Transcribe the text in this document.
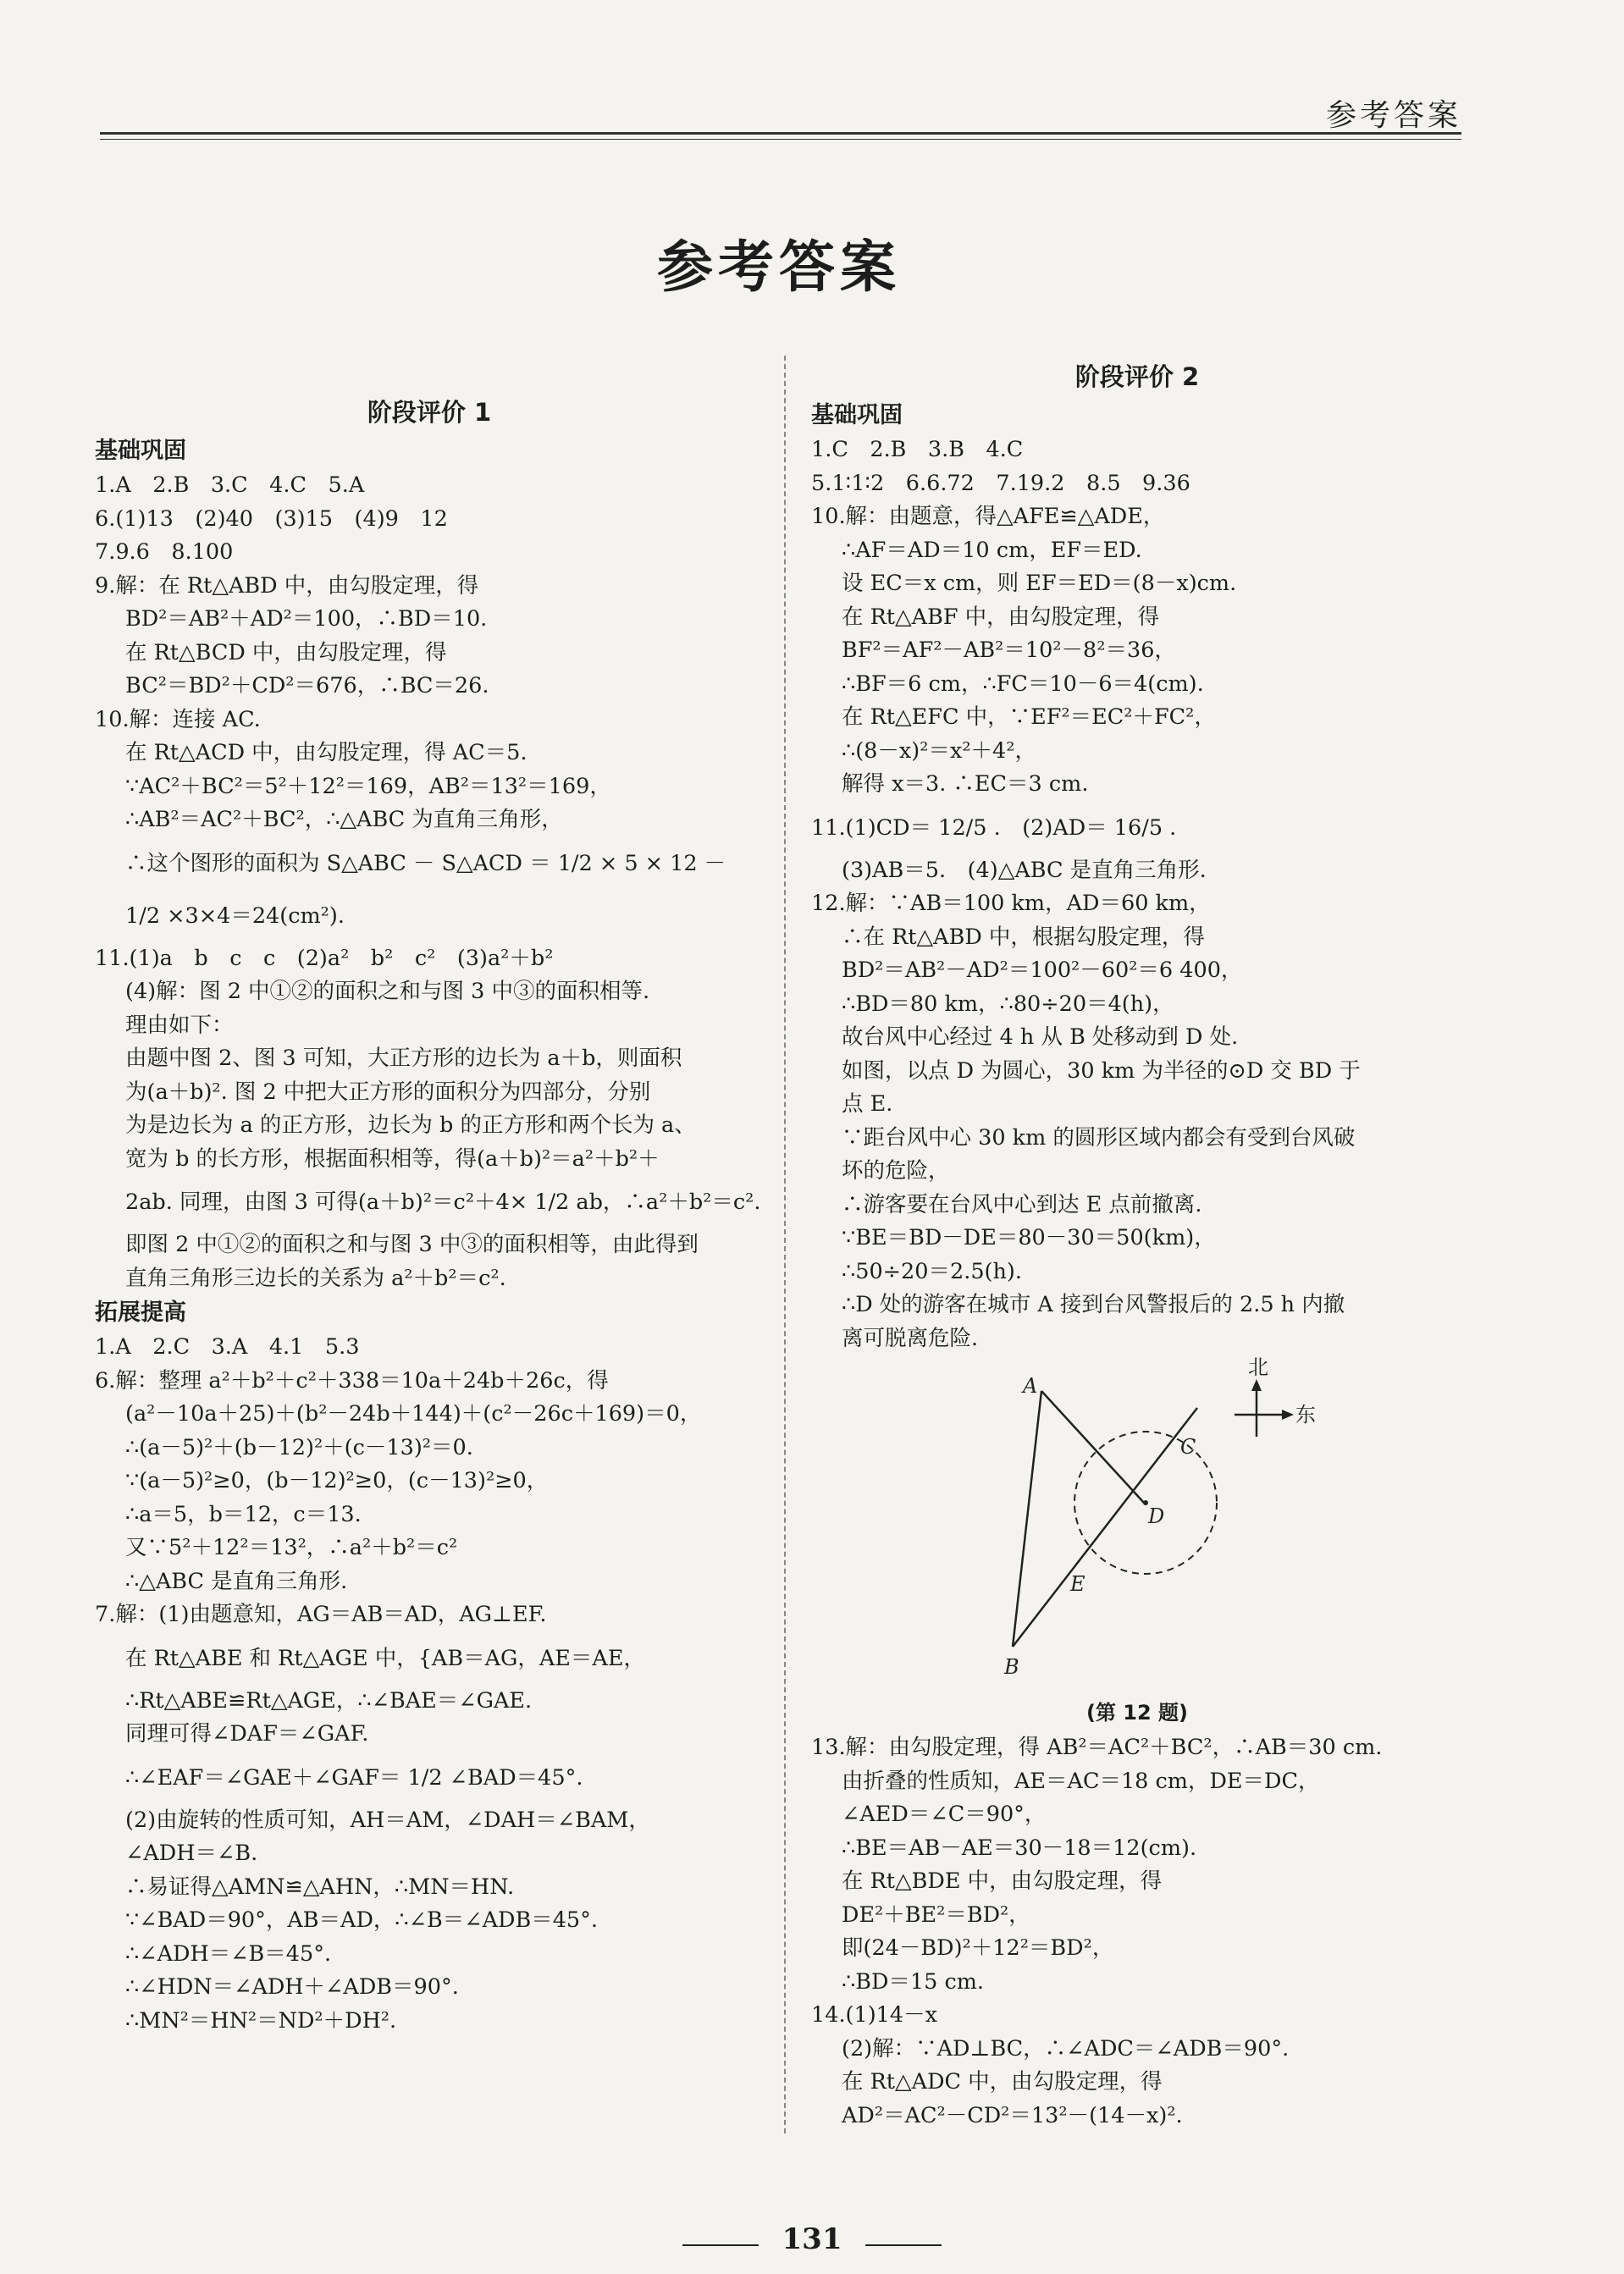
参考答案
参考答案
阶段评价 1
基础巩固
1.A　2.B　3.C　4.C　5.A
6.(1)13　(2)40　(3)15　(4)9　12
7.9.6　8.100
9.解：在 Rt△ABD 中，由勾股定理，得
BD²＝AB²＋AD²＝100，∴BD＝10.
在 Rt△BCD 中，由勾股定理，得
BC²＝BD²＋CD²＝676，∴BC＝26.
10.解：连接 AC.
在 Rt△ACD 中，由勾股定理，得 AC＝5.
∵AC²＋BC²＝5²＋12²＝169，AB²＝13²＝169，
∴AB²＝AC²＋BC²，∴△ABC 为直角三角形，
∴这个图形的面积为 S△ABC － S△ACD ＝ 1/2 × 5 × 12 －
1/2 ×3×4＝24(cm²).
11.(1)a　b　c　c　(2)a²　b²　c²　(3)a²＋b²
(4)解：图 2 中①②的面积之和与图 3 中③的面积相等.
理由如下：
由题中图 2、图 3 可知，大正方形的边长为 a＋b，则面积
为(a＋b)². 图 2 中把大正方形的面积分为四部分，分别
为是边长为 a 的正方形，边长为 b 的正方形和两个长为 a、
宽为 b 的长方形，根据面积相等，得(a＋b)²＝a²＋b²＋
2ab. 同理，由图 3 可得(a＋b)²＝c²＋4× 1/2 ab，∴a²＋b²＝c².
即图 2 中①②的面积之和与图 3 中③的面积相等，由此得到
直角三角形三边长的关系为 a²＋b²＝c².
拓展提高
1.A　2.C　3.A　4.1　5.3
6.解：整理 a²＋b²＋c²＋338＝10a＋24b＋26c，得
(a²－10a＋25)＋(b²－24b＋144)＋(c²－26c＋169)＝0，
∴(a－5)²＋(b－12)²＋(c－13)²＝0.
∵(a－5)²≥0，(b－12)²≥0，(c－13)²≥0，
∴a＝5，b＝12，c＝13.
又∵5²＋12²＝13²，∴a²＋b²＝c²
∴△ABC 是直角三角形.
7.解：(1)由题意知，AG＝AB＝AD，AG⊥EF.
在 Rt△ABE 和 Rt△AGE 中，{AB＝AG，AE＝AE，
∴Rt△ABE≌Rt△AGE，∴∠BAE＝∠GAE.
同理可得∠DAF＝∠GAF.
∴∠EAF＝∠GAE＋∠GAF＝ 1/2 ∠BAD＝45°.
(2)由旋转的性质可知，AH＝AM，∠DAH＝∠BAM，
∠ADH＝∠B.
∴易证得△AMN≌△AHN，∴MN＝HN.
∵∠BAD＝90°，AB＝AD，∴∠B＝∠ADB＝45°.
∴∠ADH＝∠B＝45°.
∴∠HDN＝∠ADH＋∠ADB＝90°.
∴MN²＝HN²＝ND²＋DH².
阶段评价 2
基础巩固
1.C　2.B　3.B　4.C
5.1∶1∶2　6.6.72　7.19.2　8.5　9.36
10.解：由题意，得△AFE≌△ADE，
∴AF＝AD＝10 cm，EF＝ED.
设 EC＝x cm，则 EF＝ED＝(8－x)cm.
在 Rt△ABF 中，由勾股定理，得
BF²＝AF²－AB²＝10²－8²＝36，
∴BF＝6 cm，∴FC＝10－6＝4(cm).
在 Rt△EFC 中，∵EF²＝EC²＋FC²，
∴(8－x)²＝x²＋4²，
解得 x＝3. ∴EC＝3 cm.
11.(1)CD＝ 12/5 .　(2)AD＝ 16/5 .
(3)AB＝5.　(4)△ABC 是直角三角形.
12.解：∵AB＝100 km，AD＝60 km，
∴在 Rt△ABD 中，根据勾股定理，得
BD²＝AB²－AD²＝100²－60²＝6 400，
∴BD＝80 km，∴80÷20＝4(h)，
故台风中心经过 4 h 从 B 处移动到 D 处.
如图，以点 D 为圆心，30 km 为半径的⊙D 交 BD 于
点 E.
∵距台风中心 30 km 的圆形区域内都会有受到台风破
坏的危险，
∴游客要在台风中心到达 E 点前撤离.
∵BE＝BD－DE＝80－30＝50(km)，
∴50÷20＝2.5(h).
∴D 处的游客在城市 A 接到台风警报后的 2.5 h 内撤
离可脱离危险.
北
东
A
B
C
D
E
(第 12 题)
13.解：由勾股定理，得 AB²＝AC²＋BC²，∴AB＝30 cm.
由折叠的性质知，AE＝AC＝18 cm，DE＝DC，
∠AED＝∠C＝90°，
∴BE＝AB－AE＝30－18＝12(cm).
在 Rt△BDE 中，由勾股定理，得
DE²＋BE²＝BD²，
即(24－BD)²＋12²＝BD²，
∴BD＝15 cm.
14.(1)14－x
(2)解：∵AD⊥BC，∴∠ADC＝∠ADB＝90°.
在 Rt△ADC 中，由勾股定理，得
AD²＝AC²－CD²＝13²－(14－x)².
131
